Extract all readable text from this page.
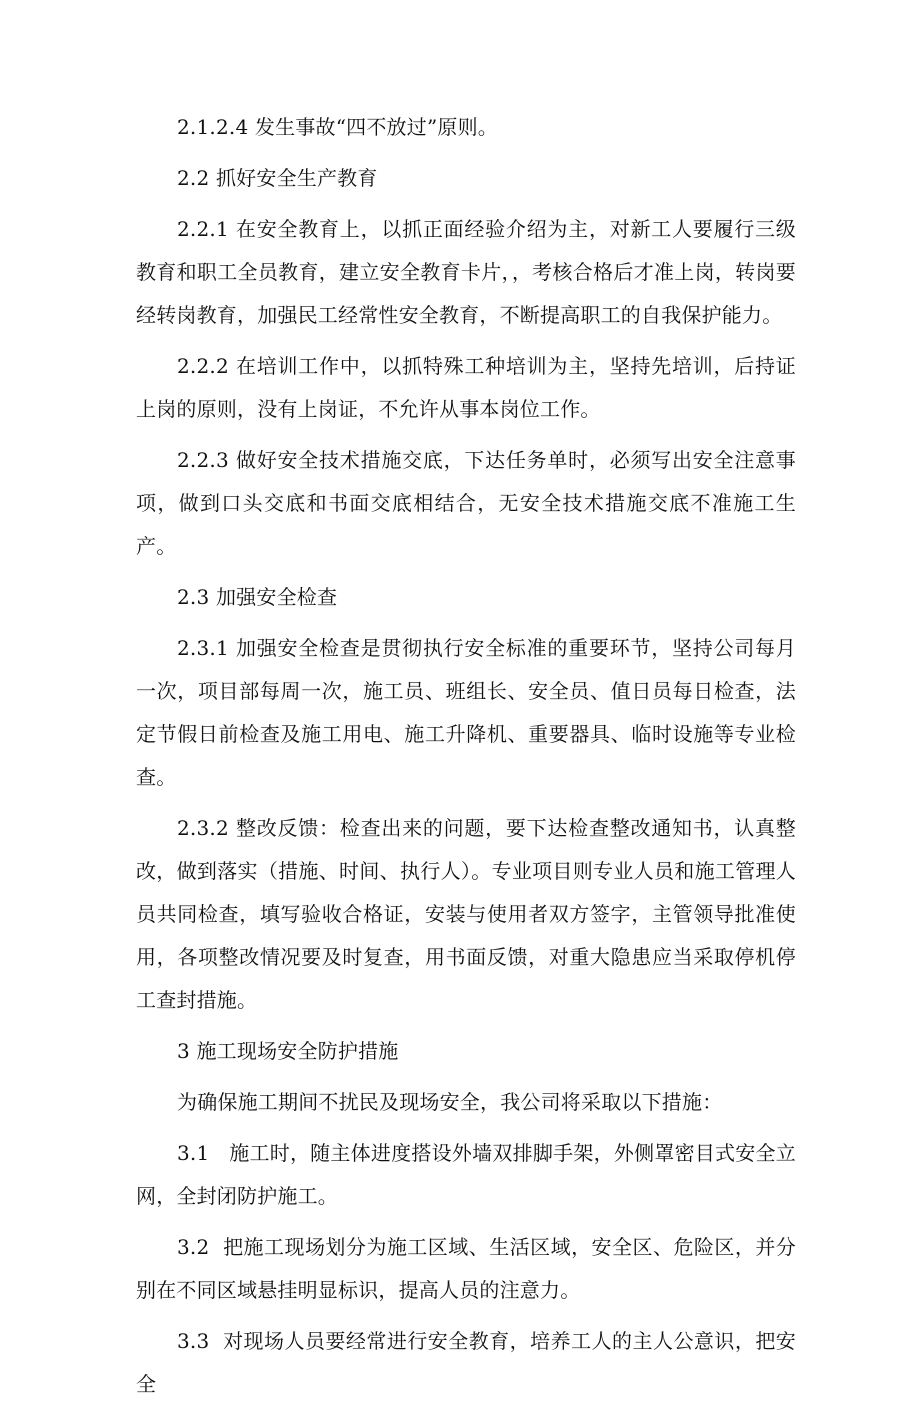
2.1.2.4 发生事故“四不放过”原则。

2.2 抓好安全生产教育

2.2.1 在安全教育上，以抓正面经验介绍为主，对新工人要履行三级教育和职工全员教育，建立安全教育卡片，，考核合格后才准上岗，转岗要经转岗教育，加强民工经常性安全教育，不断提高职工的自我保护能力。

2.2.2 在培训工作中，以抓特殊工种培训为主，坚持先培训，后持证上岗的原则，没有上岗证，不允许从事本岗位工作。

2.2.3 做好安全技术措施交底，下达任务单时，必须写出安全注意事项，做到口头交底和书面交底相结合，无安全技术措施交底不准施工生产。

2.3 加强安全检查

2.3.1 加强安全检查是贯彻执行安全标准的重要环节，坚持公司每月一次，项目部每周一次，施工员、班组长、安全员、值日员每日检查，法定节假日前检查及施工用电、施工升降机、重要器具、临时设施等专业检查。

2.3.2 整改反馈：检查出来的问题，要下达检查整改通知书，认真整改，做到落实（措施、时间、执行人）。专业项目则专业人员和施工管理人员共同检查，填写验收合格证，安装与使用者双方签字，主管领导批准使用，各项整改情况要及时复查，用书面反馈，对重大隐患应当采取停机停工查封措施。

3 施工现场安全防护措施

为确保施工期间不扰民及现场安全，我公司将采取以下措施：

3.1   施工时，随主体进度搭设外墙双排脚手架，外侧罩密目式安全立网，全封闭防护施工。

3.2  把施工现场划分为施工区域、生活区域，安全区、危险区，并分别在不同区域悬挂明显标识，提高人员的注意力。

3.3  对现场人员要经常进行安全教育，培养工人的主人公意识，把安全
